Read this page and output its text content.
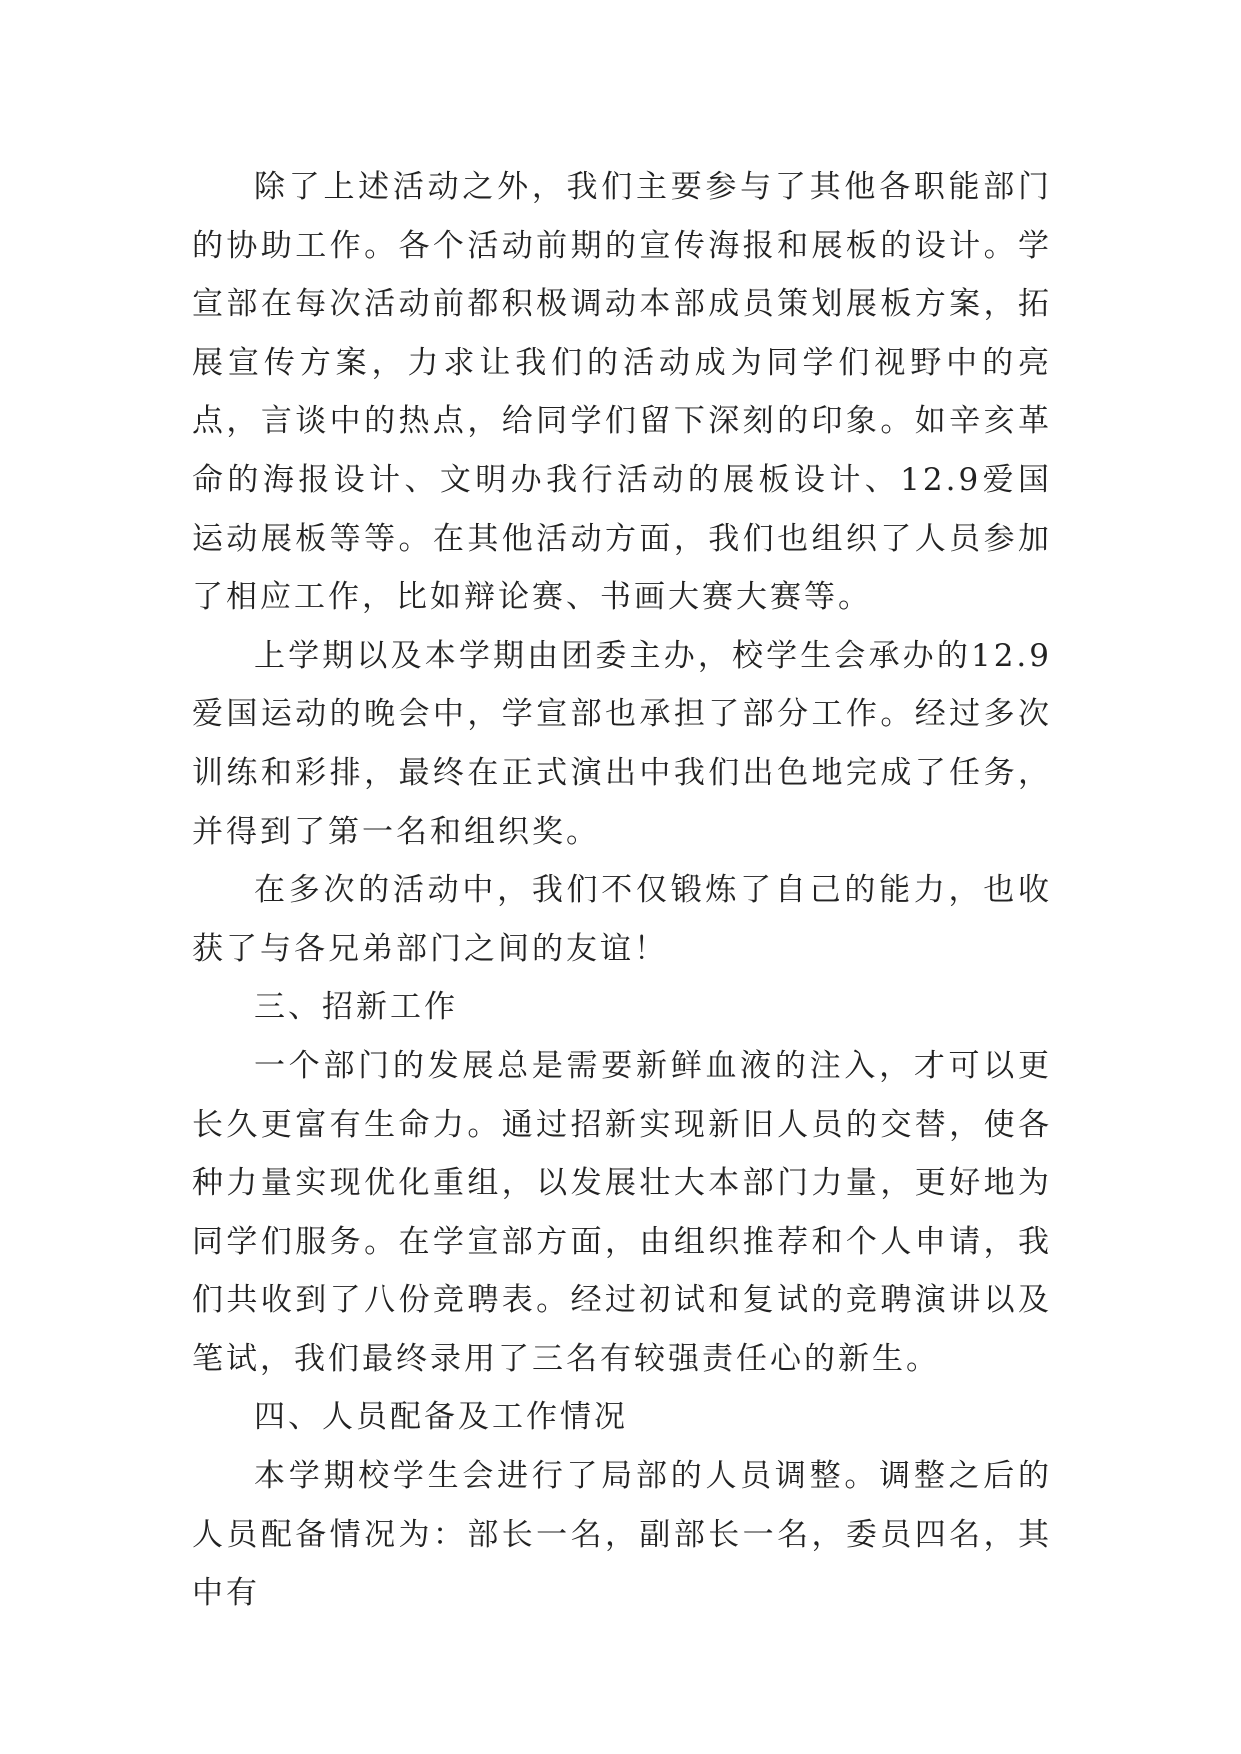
除了上述活动之外，我们主要参与了其他各职能部门的协助工作。各个活动前期的宣传海报和展板的设计。学宣部在每次活动前都积极调动本部成员策划展板方案，拓展宣传方案，力求让我们的活动成为同学们视野中的亮点，言谈中的热点，给同学们留下深刻的印象。如辛亥革命的海报设计、文明办我行活动的展板设计、12.9爱国运动展板等等。在其他活动方面，我们也组织了人员参加了相应工作，比如辩论赛、书画大赛大赛等。

上学期以及本学期由团委主办，校学生会承办的12.9爱国运动的晚会中，学宣部也承担了部分工作。经过多次训练和彩排，最终在正式演出中我们出色地完成了任务，并得到了第一名和组织奖。

在多次的活动中，我们不仅锻炼了自己的能力，也收获了与各兄弟部门之间的友谊！

三、招新工作

一个部门的发展总是需要新鲜血液的注入，才可以更长久更富有生命力。通过招新实现新旧人员的交替，使各种力量实现优化重组，以发展壮大本部门力量，更好地为同学们服务。在学宣部方面，由组织推荐和个人申请，我们共收到了八份竞聘表。经过初试和复试的竞聘演讲以及笔试，我们最终录用了三名有较强责任心的新生。

四、人员配备及工作情况

本学期校学生会进行了局部的人员调整。调整之后的人员配备情况为：部长一名，副部长一名，委员四名，其中有
